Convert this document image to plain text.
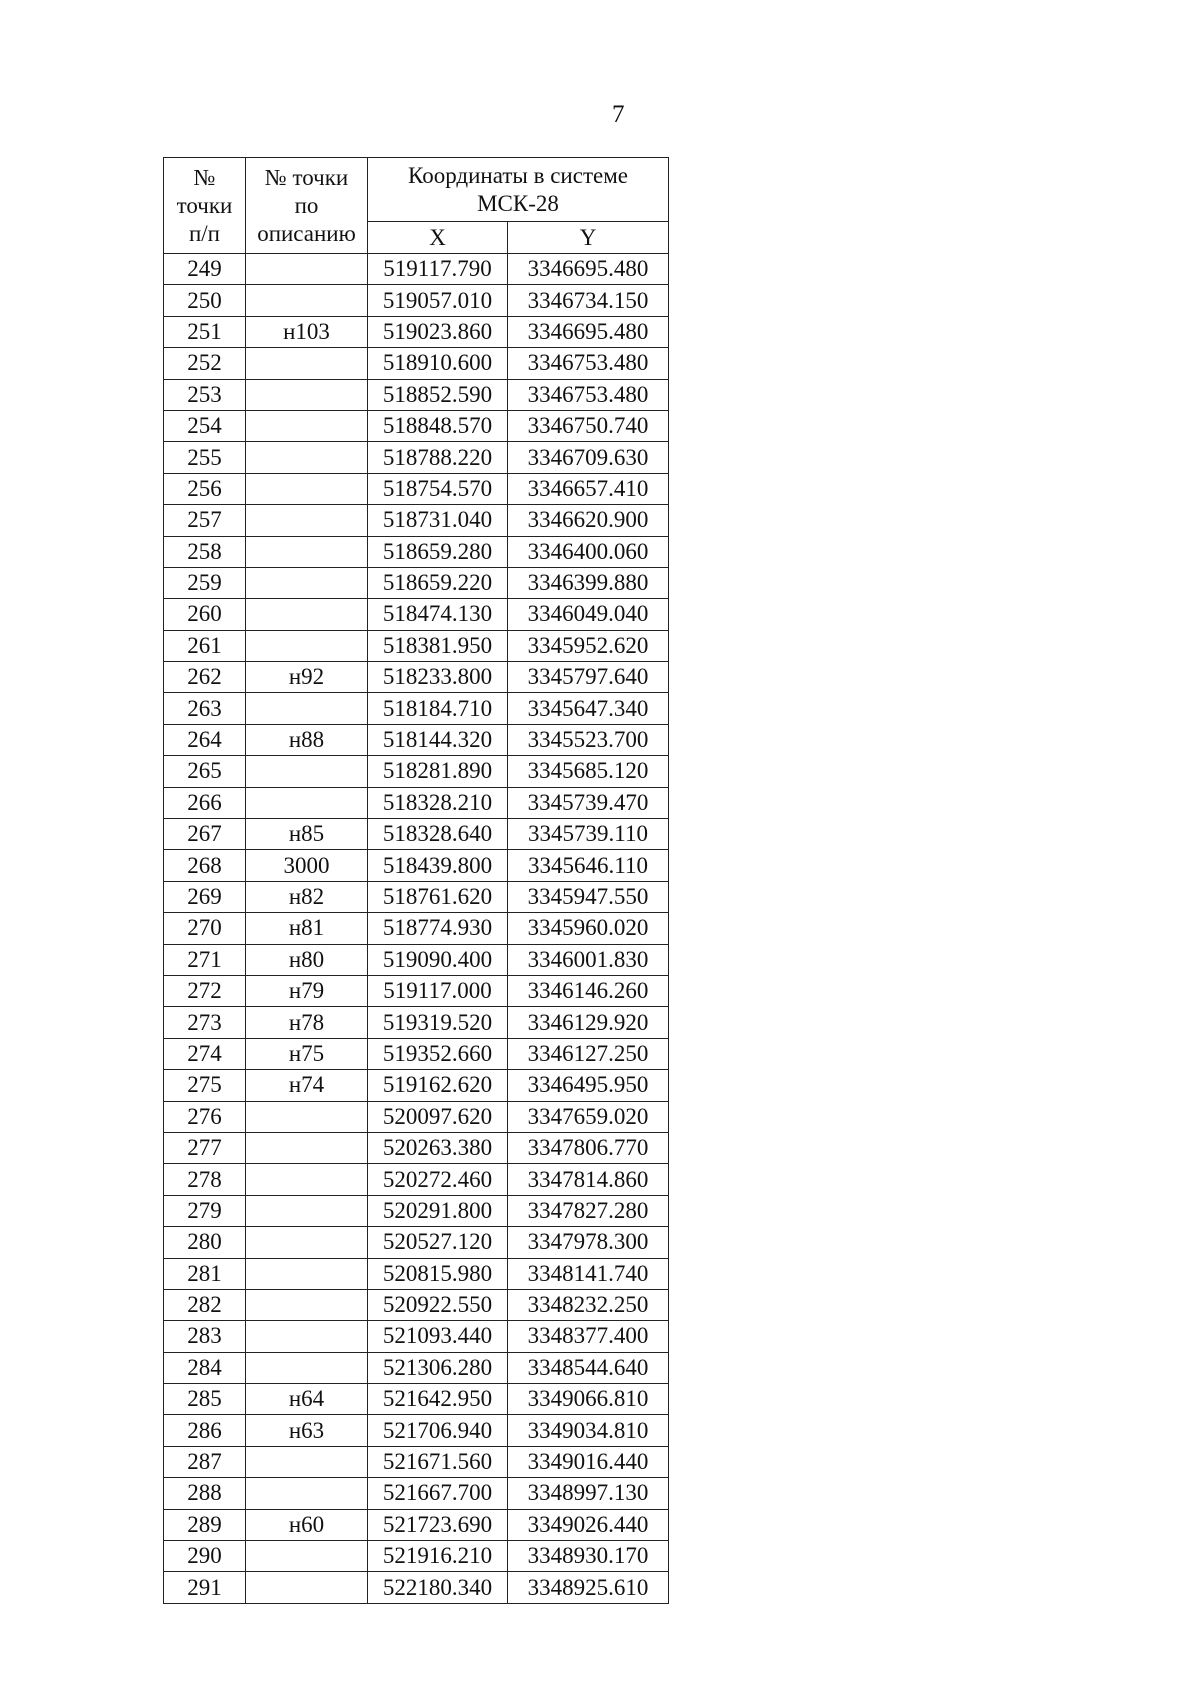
7
№
точки
п/п	№ точки
по
описанию	Координаты в системе
МСК-28	
		X	Y
249		519117.790	3346695.480
250		519057.010	3346734.150
251	н103	519023.860	3346695.480
252		518910.600	3346753.480
253		518852.590	3346753.480
254		518848.570	3346750.740
255		518788.220	3346709.630
256		518754.570	3346657.410
257		518731.040	3346620.900
258		518659.280	3346400.060
259		518659.220	3346399.880
260		518474.130	3346049.040
261		518381.950	3345952.620
262	н92	518233.800	3345797.640
263		518184.710	3345647.340
264	н88	518144.320	3345523.700
265		518281.890	3345685.120
266		518328.210	3345739.470
267	н85	518328.640	3345739.110
268	3000	518439.800	3345646.110
269	н82	518761.620	3345947.550
270	н81	518774.930	3345960.020
271	н80	519090.400	3346001.830
272	н79	519117.000	3346146.260
273	н78	519319.520	3346129.920
274	н75	519352.660	3346127.250
275	н74	519162.620	3346495.950
276		520097.620	3347659.020
277		520263.380	3347806.770
278		520272.460	3347814.860
279		520291.800	3347827.280
280		520527.120	3347978.300
281		520815.980	3348141.740
282		520922.550	3348232.250
283		521093.440	3348377.400
284		521306.280	3348544.640
285	н64	521642.950	3349066.810
286	н63	521706.940	3349034.810
287		521671.560	3349016.440
288		521667.700	3348997.130
289	н60	521723.690	3349026.440
290		521916.210	3348930.170
291		522180.340	3348925.610
